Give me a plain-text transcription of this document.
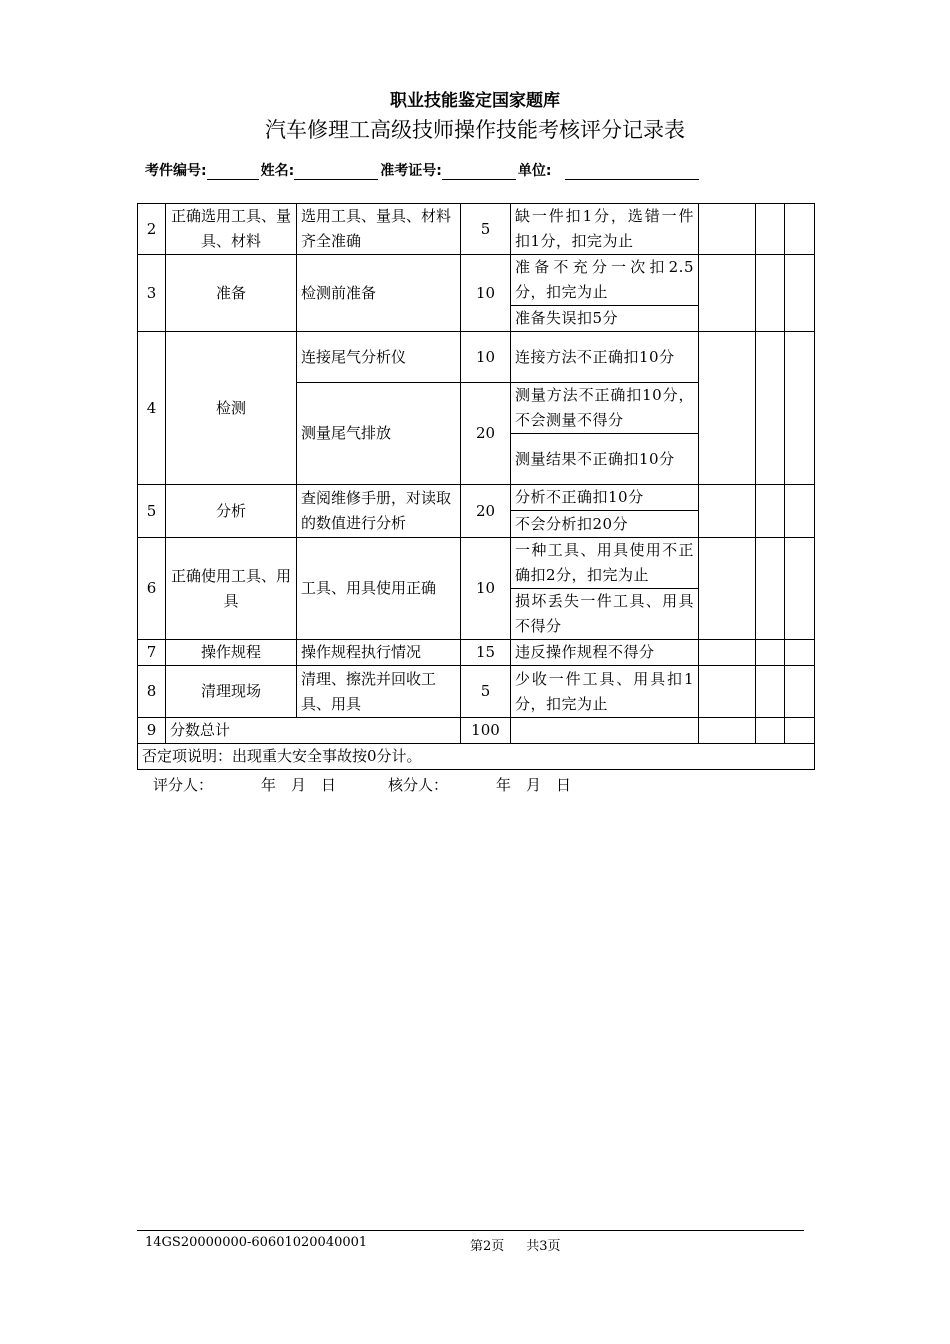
职业技能鉴定国家题库
汽车修理工高级技师操作技能考核评分记录表
考件编号:	姓名:	准考证号:	单位:
2	正确选用工具、量具、材料	选用工具、量具、材料齐全准确	5	缺一件扣1分，选错一件扣1分，扣完为止			
3	准备	检测前准备	10	准备不充分一次扣2.5分，扣完为止			
				准备失误扣5分			
4	检测	连接尾气分析仪	10	连接方法不正确扣10分			
		测量尾气排放	20	测量方法不正确扣10分，不会测量不得分			
				测量结果不正确扣10分			
5	分析	查阅维修手册，对读取的数值进行分析	20	分析不正确扣10分			
				不会分析扣20分			
6	正确使用工具、用具	工具、用具使用正确	10	一种工具、用具使用不正确扣2分，扣完为止			
				损坏丢失一件工具、用具不得分			
7	操作规程	操作规程执行情况	15	违反操作规程不得分			
8	清理现场	清理、擦洗并回收工具、用具	5	少收一件工具、用具扣1分，扣完为止			
9	分数总计		100				
否定项说明：出现重大安全事故按0分计。							
评分人：	年　月　日	核分人：	年　月　日
14GS20000000-60601020040001	第2页 共3页
